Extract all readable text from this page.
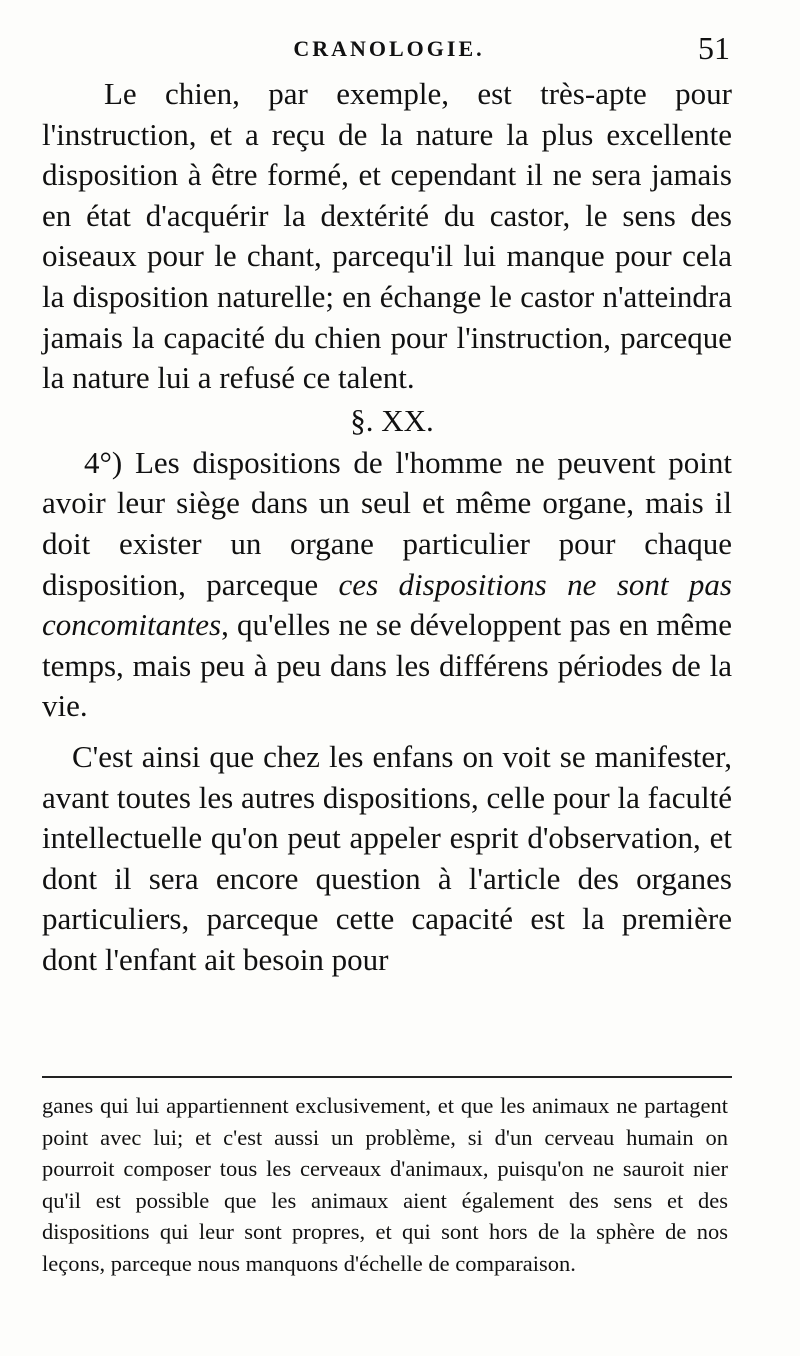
CRANOLOGIE.	51

Le chien, par exemple, est très-apte pour l'instruction, et a reçu de la nature la plus excellente disposition à être formé, et cependant il ne sera jamais en état d'acquérir la dextérité du castor, le sens des oiseaux pour le chant, parcequ'il lui manque pour cela la disposition naturelle; en échange le castor n'atteindra jamais la capacité du chien pour l'instruction, parceque la nature lui a refusé ce talent.

§. XX.

4°) Les dispositions de l'homme ne peuvent point avoir leur siège dans un seul et même organe, mais il doit exister un organe particulier pour chaque disposition, parceque ces dispositions ne sont pas concomitantes, qu'elles ne se développent pas en même temps, mais peu à peu dans les différens périodes de la vie.

C'est ainsi que chez les enfans on voit se manifester, avant toutes les autres dispositions, celle pour la faculté intellectuelle qu'on peut appeler esprit d'observation, et dont il sera encore question à l'article des organes particuliers, parceque cette capacité est la première dont l'enfant ait besoin pour

ganes qui lui appartiennent exclusivement, et que les animaux ne partagent point avec lui; et c'est aussi un problème, si d'un cerveau humain on pourroit composer tous les cerveaux d'animaux, puisqu'on ne sauroit nier qu'il est possible que les animaux aient également des sens et des dispositions qui leur sont propres, et qui sont hors de la sphère de nos leçons, parceque nous manquons d'échelle de comparaison.
